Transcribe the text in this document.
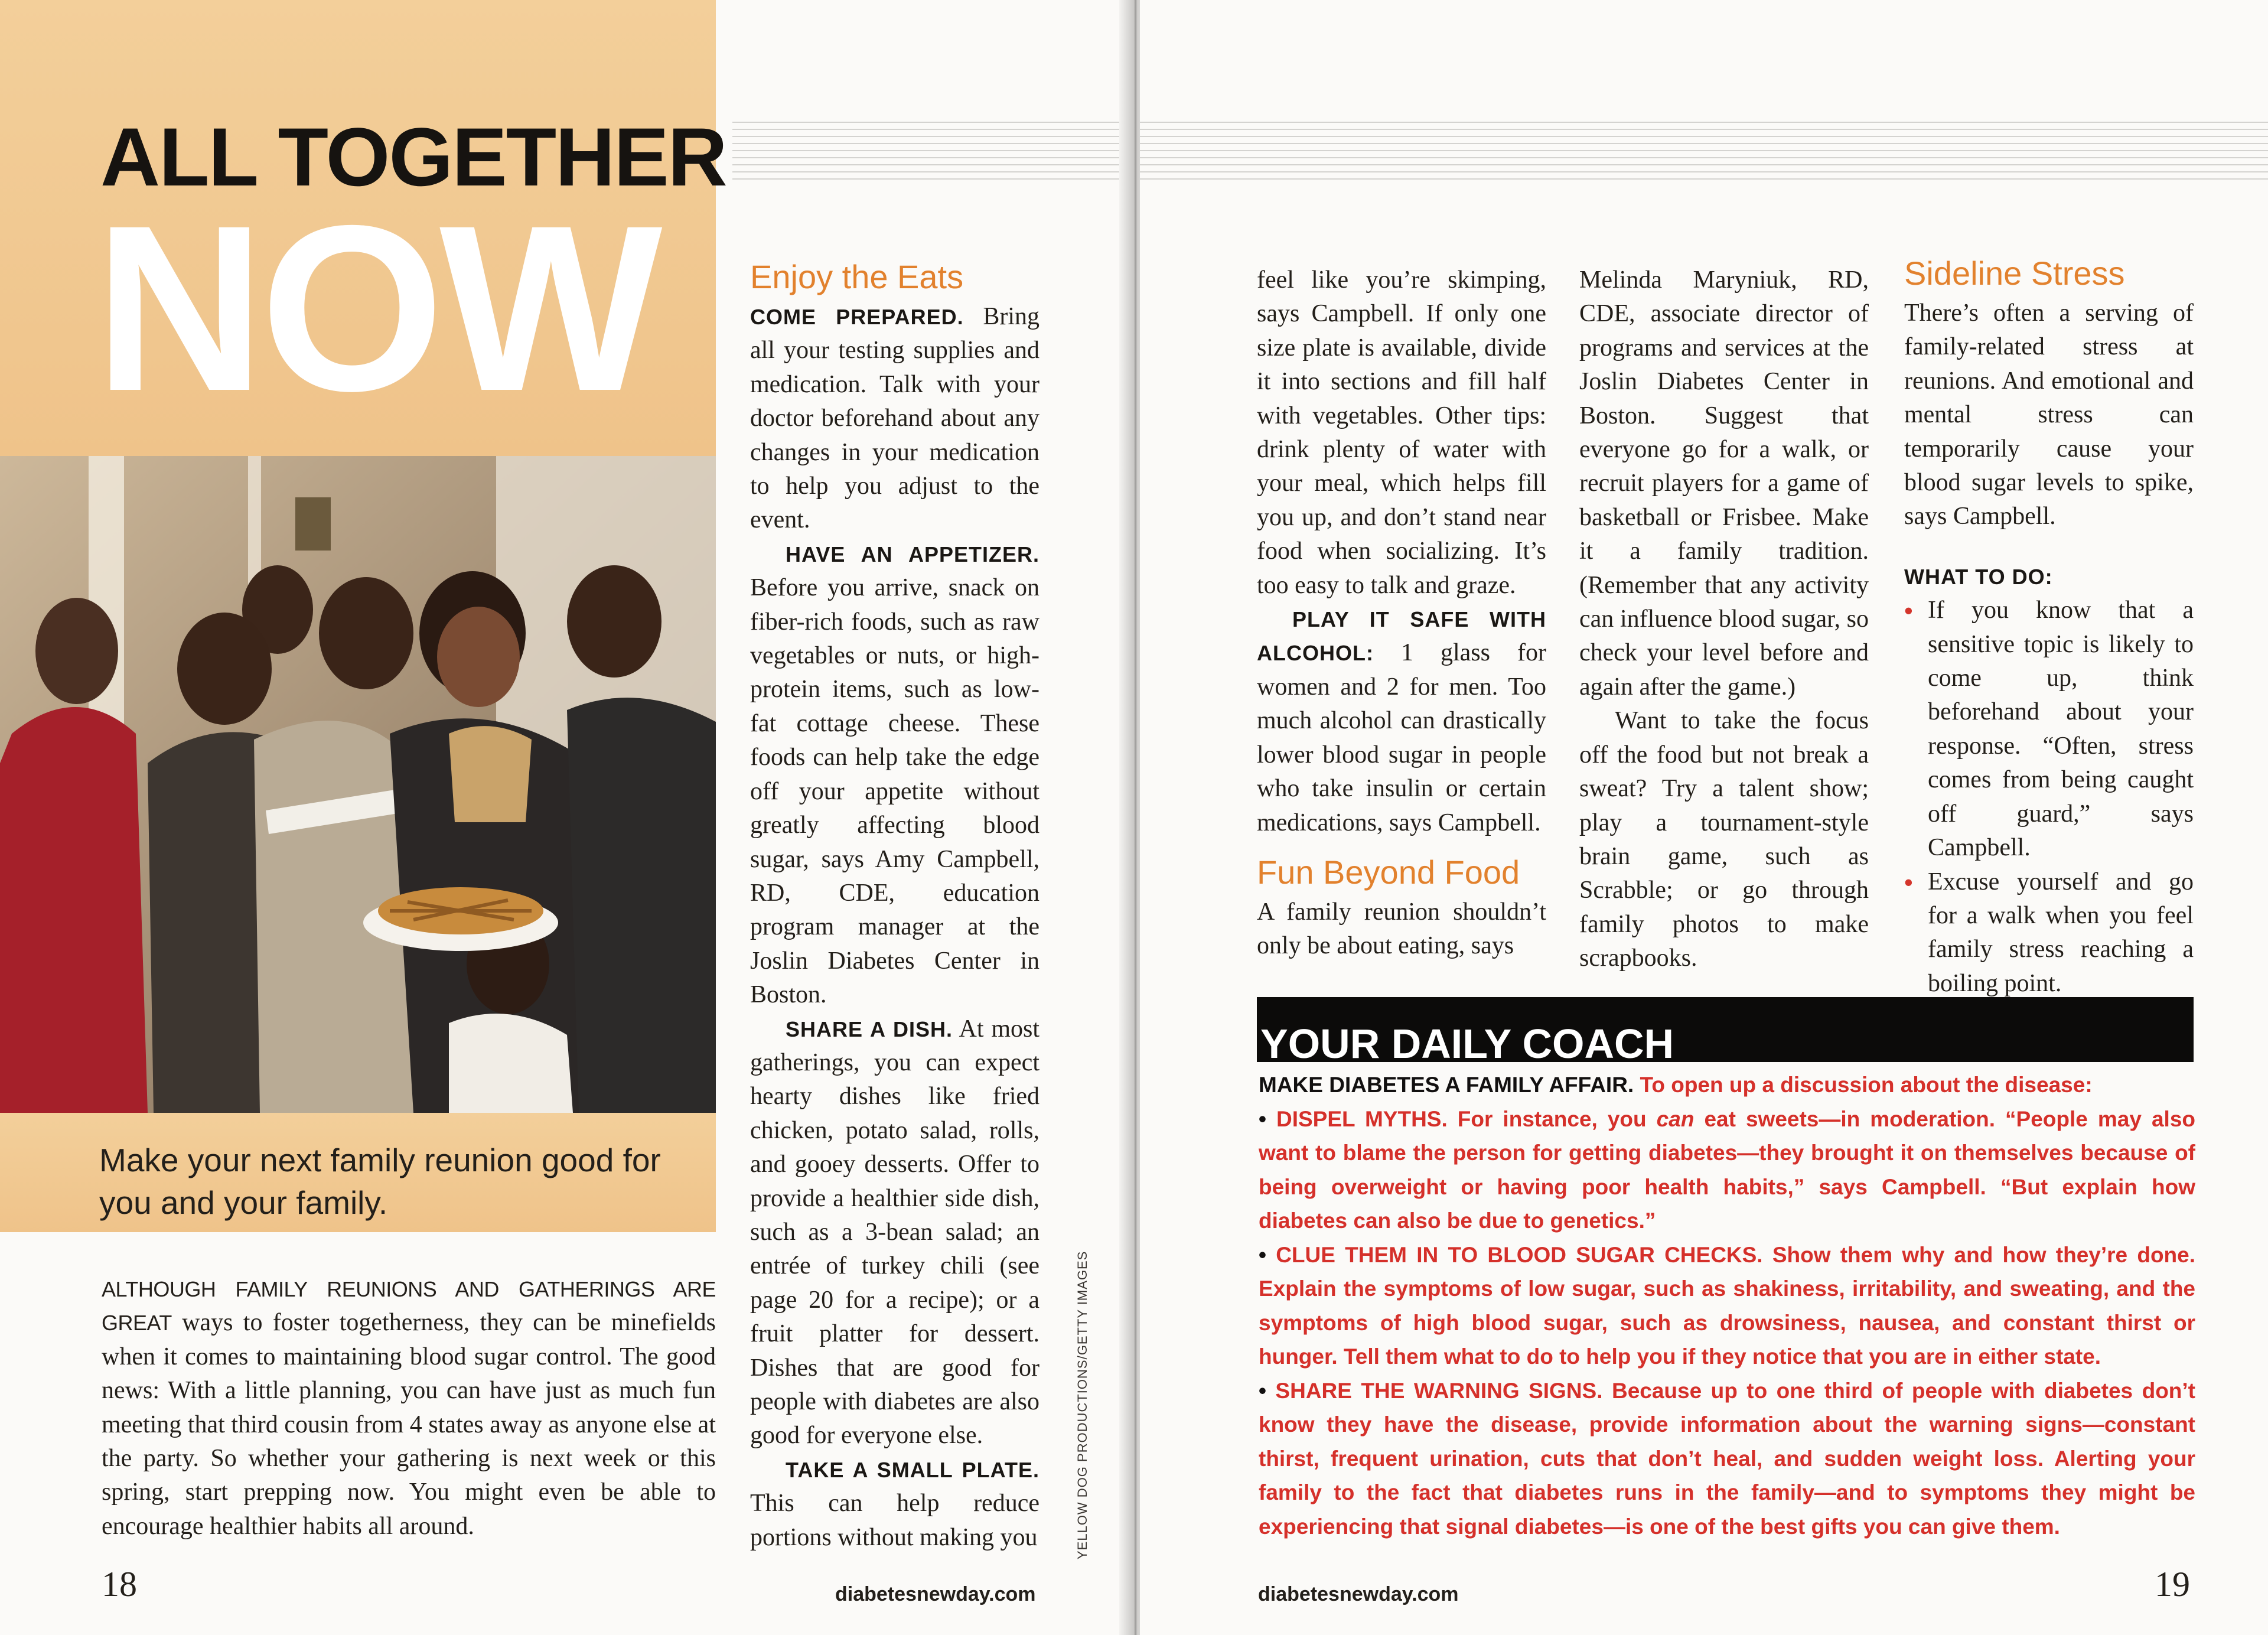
ALL TOGETHER
NOW
Make your next family reunion good for you and your family.

ALTHOUGH FAMILY REUNIONS AND GATHERINGS ARE GREAT ways to foster togetherness, they can be minefields when it comes to maintaining blood sugar control. The good news: With a little planning, you can have just as much fun meeting that third cousin from 4 states away as anyone else at the party. So whether your gathering is next week or this spring, start prepping now. You might even be able to encourage healthier habits all around.

18	diabetesnewday.com
YELLOW DOG PRODUCTIONS/GETTY IMAGES
Enjoy the Eats

COME PREPARED. Bring all your testing supplies and medication. Talk with your doctor beforehand about any changes in your medication to help you adjust to the event.

HAVE AN APPETIZER. Before you arrive, snack on fiber-rich foods, such as raw vegetables or nuts, or high-protein items, such as low-fat cottage cheese. These foods can help take the edge off your appetite without greatly affecting blood sugar, says Amy Campbell, RD, CDE, education program manager at the Joslin Diabetes Center in Boston.

SHARE A DISH. At most gatherings, you can expect hearty dishes like fried chicken, potato salad, rolls, and gooey desserts. Offer to provide a healthier side dish, such as a 3-bean salad; an entrée of turkey chili (see page 20 for a recipe); or a fruit platter for dessert. Dishes that are good for people with diabetes are also good for everyone else.

TAKE A SMALL PLATE. This can help reduce portions without making you

feel like you’re skimping, says Campbell. If only one size plate is available, divide it into sections and fill half with vegetables. Other tips: drink plenty of water with your meal, which helps fill you up, and don’t stand near food when socializing. It’s too easy to talk and graze.

PLAY IT SAFE WITH ALCOHOL: 1 glass for women and 2 for men. Too much alcohol can drastically lower blood sugar in people who take insulin or certain medications, says Campbell.

Fun Beyond Food

A family reunion shouldn’t only be about eating, says

Melinda Maryniuk, RD, CDE, associate director of programs and services at the Joslin Diabetes Center in Boston. Suggest that everyone go for a walk, or recruit players for a game of basketball or Frisbee. Make it a family tradition. (Remember that any activity can influence blood sugar, so check your level before and again after the game.)

Want to take the focus off the food but not break a sweat? Try a talent show; play a tournament-style brain game, such as Scrabble; or go through family photos to make scrapbooks.

Sideline Stress

There’s often a serving of family-related stress at reunions. And emotional and mental stress can temporarily cause your blood sugar levels to spike, says Campbell.

WHAT TO DO:
• If you know that a sensitive topic is likely to come up, think beforehand about your response. “Often, stress comes from being caught off guard,” says Campbell.
• Excuse yourself and go for a walk when you feel family stress reaching a boiling point.
YOUR DAILY COACH

MAKE DIABETES A FAMILY AFFAIR. To open up a discussion about the disease:

• DISPEL MYTHS. For instance, you can eat sweets—in moderation. “People may also want to blame the person for getting diabetes—they brought it on themselves because of being overweight or having poor health habits,” says Campbell. “But explain how diabetes can also be due to genetics.”

• CLUE THEM IN TO BLOOD SUGAR CHECKS. Show them why and how they’re done. Explain the symptoms of low sugar, such as shakiness, irritability, and sweating, and the symptoms of high blood sugar, such as drowsiness, nausea, and constant thirst or hunger. Tell them what to do to help you if they notice that you are in either state.

• SHARE THE WARNING SIGNS. Because up to one third of people with diabetes don’t know they have the disease, provide information about the warning signs—constant thirst, frequent urination, cuts that don’t heal, and sudden weight loss. Alerting your family to the fact that diabetes runs in the family—and to symptoms they might be experiencing that signal diabetes—is one of the best gifts you can give them.

diabetesnewday.com	19
